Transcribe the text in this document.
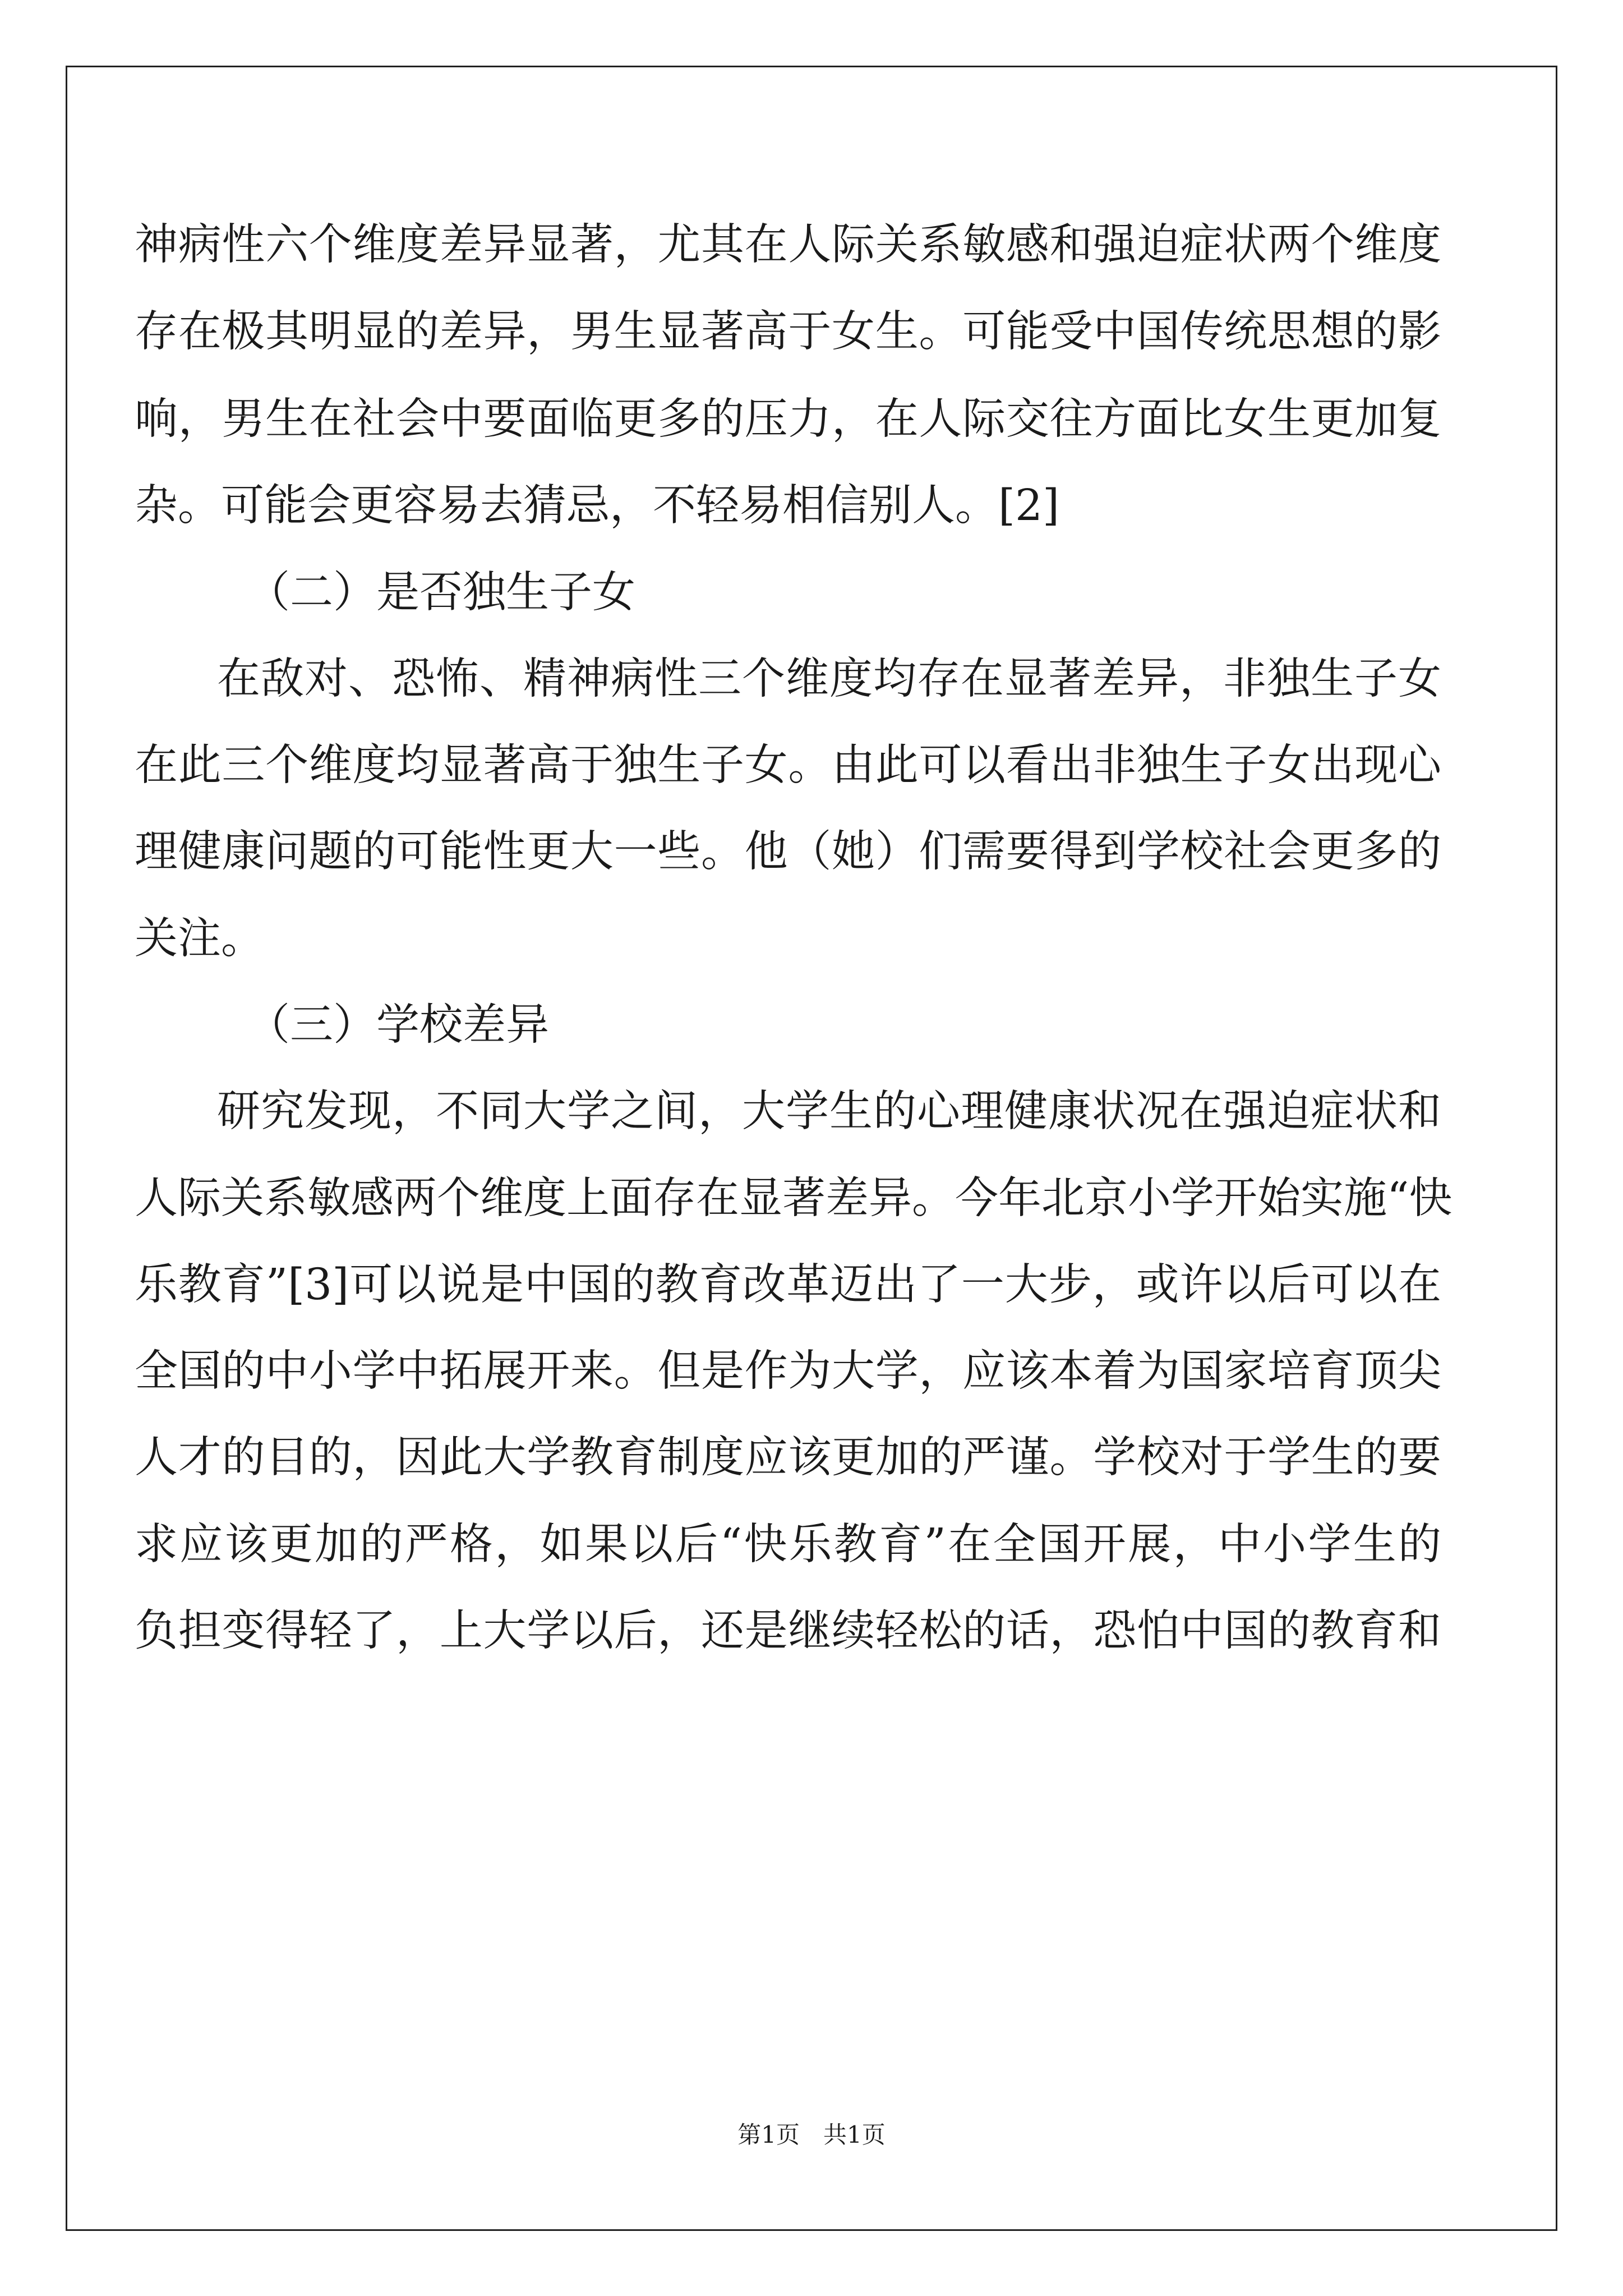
神病性六个维度差异显著，尤其在人际关系敏感和强迫症状两个维度
存在极其明显的差异，男生显著高于女生。可能受中国传统思想的影
响，男生在社会中要面临更多的压力，在人际交往方面比女生更加复
杂。可能会更容易去猜忌，不轻易相信别人。[2]
（二）是否独生子女
在敌对、恐怖、精神病性三个维度均存在显著差异，非独生子女
在此三个维度均显著高于独生子女。由此可以看出非独生子女出现心
理健康问题的可能性更大一些。他（她）们需要得到学校社会更多的
关注。
（三）学校差异
研究发现，不同大学之间，大学生的心理健康状况在强迫症状和
人际关系敏感两个维度上面存在显著差异。今年北京小学开始实施“快
乐教育”[3]可以说是中国的教育改革迈出了一大步，或许以后可以在
全国的中小学中拓展开来。但是作为大学，应该本着为国家培育顶尖
人才的目的，因此大学教育制度应该更加的严谨。学校对于学生的要
求应该更加的严格，如果以后“快乐教育”在全国开展，中小学生的
负担变得轻了，上大学以后，还是继续轻松的话，恐怕中国的教育和
第1页　共1页
